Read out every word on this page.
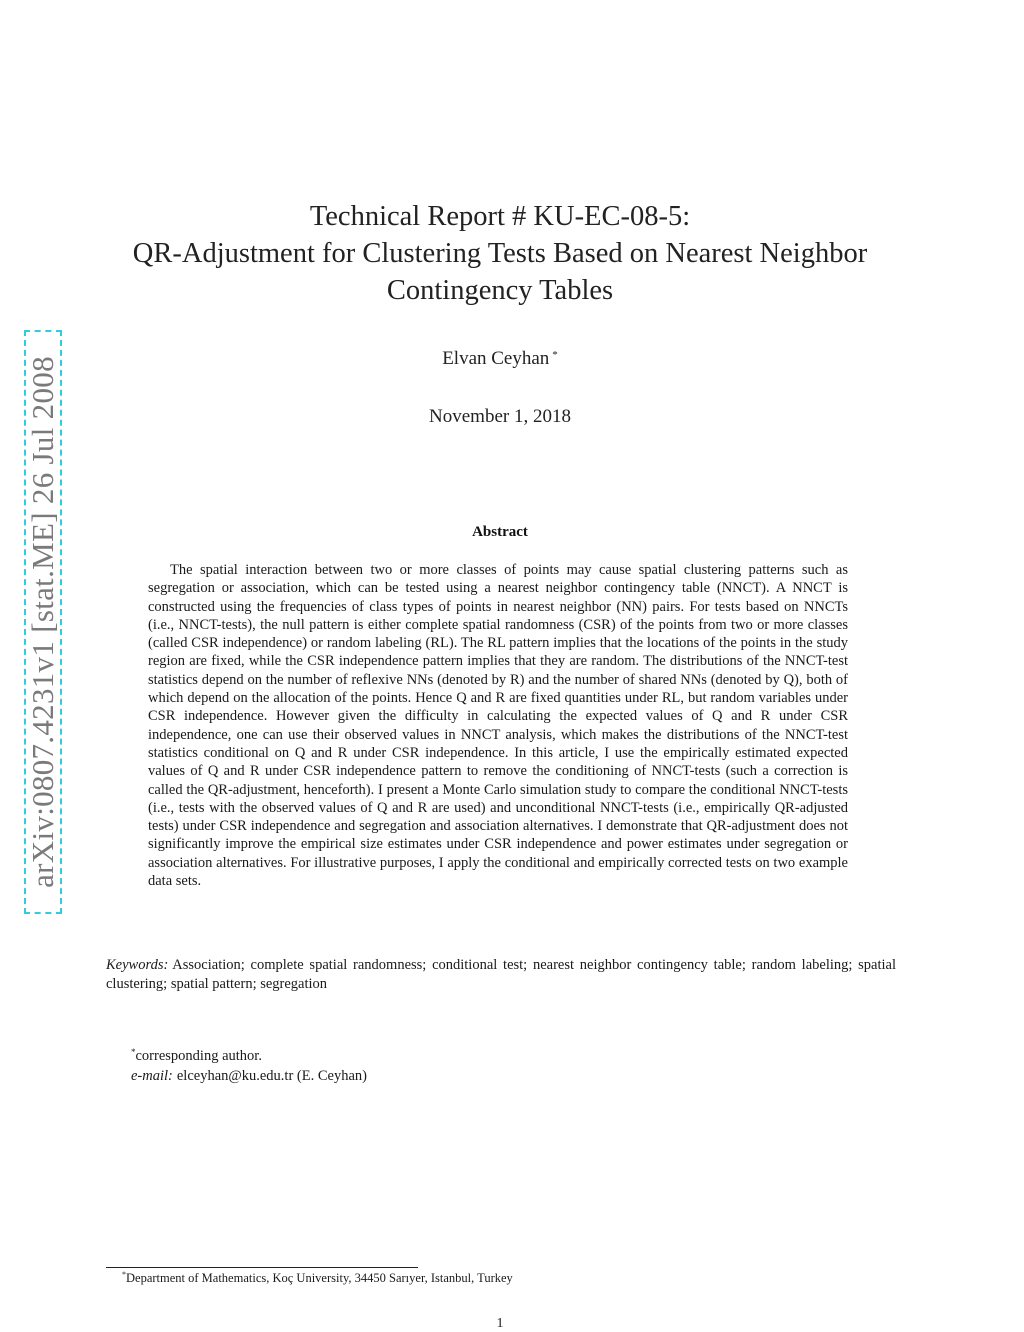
arXiv:0807.4231v1 [stat.ME] 26 Jul 2008
Technical Report # KU-EC-08-5:
QR-Adjustment for Clustering Tests Based on Nearest Neighbor
Contingency Tables
Elvan Ceyhan *
November 1, 2018
Abstract
The spatial interaction between two or more classes of points may cause spatial clustering patterns such as segregation or association, which can be tested using a nearest neighbor contingency table (NNCT). A NNCT is constructed using the frequencies of class types of points in nearest neighbor (NN) pairs. For tests based on NNCTs (i.e., NNCT-tests), the null pattern is either complete spatial randomness (CSR) of the points from two or more classes (called CSR independence) or random labeling (RL). The RL pattern implies that the locations of the points in the study region are fixed, while the CSR independence pattern implies that they are random. The distributions of the NNCT-test statistics depend on the number of reflexive NNs (denoted by R) and the number of shared NNs (denoted by Q), both of which depend on the allocation of the points. Hence Q and R are fixed quantities under RL, but random variables under CSR independence. However given the difficulty in calculating the expected values of Q and R under CSR independence, one can use their observed values in NNCT analysis, which makes the distributions of the NNCT-test statistics conditional on Q and R under CSR independence. In this article, I use the empirically estimated expected values of Q and R under CSR independence pattern to remove the conditioning of NNCT-tests (such a correction is called the QR-adjustment, henceforth). I present a Monte Carlo simulation study to compare the conditional NNCT-tests (i.e., tests with the observed values of Q and R are used) and unconditional NNCT-tests (i.e., empirically QR-adjusted tests) under CSR independence and segregation and association alternatives. I demonstrate that QR-adjustment does not significantly improve the empirical size estimates under CSR independence and power estimates under segregation or association alternatives. For illustrative purposes, I apply the conditional and empirically corrected tests on two example data sets.
Keywords: Association; complete spatial randomness; conditional test; nearest neighbor contingency table; random labeling; spatial clustering; spatial pattern; segregation
*corresponding author.
e-mail: elceyhan@ku.edu.tr (E. Ceyhan)
*Department of Mathematics, Koç University, 34450 Sarıyer, Istanbul, Turkey
1
